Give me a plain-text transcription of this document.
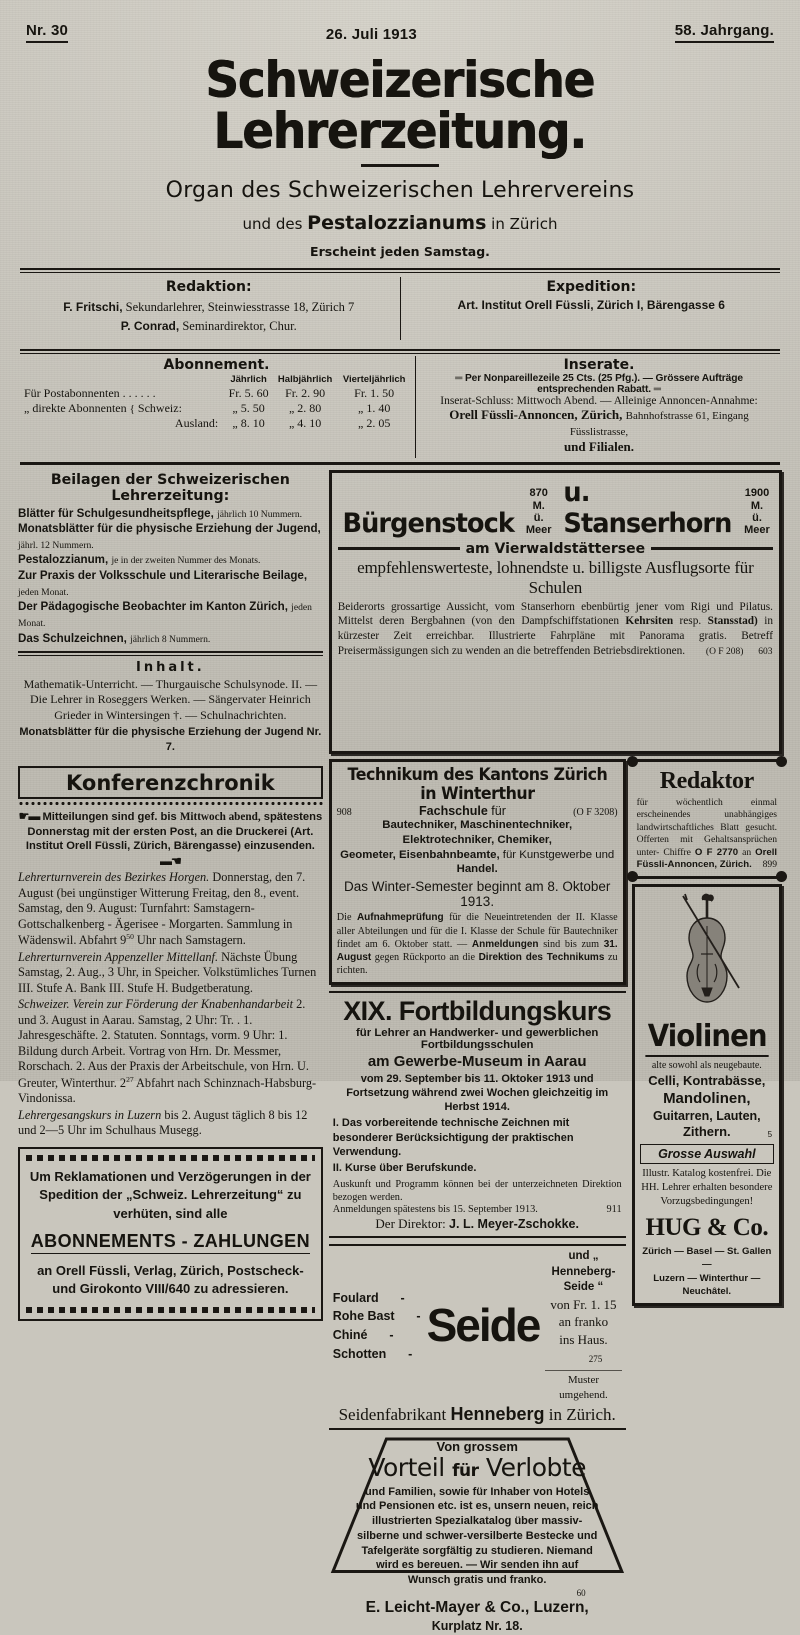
Nr. 30	26. Juli 1913	58. Jahrgang.
Schweizerische Lehrerzeitung.
Organ des Schweizerischen Lehrervereins
und des Pestalozzianums in Zürich
Erscheint jeden Samstag.
Redaktion:
F. Fritschi, Sekundarlehrer, Steinwiesstrasse 18, Zürich 7
P. Conrad, Seminardirektor, Chur.
Expedition:
Art. Institut Orell Füssli, Zürich I, Bärengasse 6
Abonnement.
	Jährlich	Halbjährlich	Vierteljährlich
Für Postabonnenten . . . . . .	Fr. 5. 60	Fr. 2. 90	Fr. 1. 50
„ direkte Abonnenten { Schweiz:	„ 5. 50	„ 2. 80	„ 1. 40
Ausland:	„ 8. 10	„ 4. 10	„ 2. 05
Inserate.
═ Per Nonpareillezeile 25 Cts. (25 Pfg.). — Grössere Aufträge entsprechenden Rabatt. ═
Inserat-Schluss: Mittwoch Abend. — Alleinige Annoncen-Annahme:
Orell Füssli-Annoncen, Zürich, Bahnhofstrasse 61, Eingang Füsslistrasse,
und Filialen.
Beilagen der Schweizerischen Lehrerzeitung:

Blätter für Schulgesundheitspflege, jährlich 10 Nummern.

Monatsblätter für die physische Erziehung der Jugend, jährl. 12 Nummern.

Pestalozzianum, je in der zweiten Nummer des Monats.

Zur Praxis der Volksschule und Literarische Beilage, jeden Monat.

Der Pädagogische Beobachter im Kanton Zürich, jeden Monat.

Das Schulzeichnen, jährlich 8 Nummern.

Inhalt.

Mathematik-Unterricht. — Thurgauische Schulsynode. II. — Die Lehrer in Roseggers Werken. — Sängervater Heinrich Grieder in Wintersingen †. — Schulnachrichten.

Monatsblätter für die physische Erziehung der Jugend Nr. 7.

Bürgenstock
870 M.
ü. Meer
u. Stanserhorn
1900 M.
ü. Meer
am Vierwaldstättersee
empfehlenswerteste, lohnendste u. billigste Ausflugsorte für Schulen
Beiderorts grossartige Aussicht, vom Stanserhorn ebenbürtig jener vom Rigi und Pilatus. Mittelst deren Bergbahnen (von den Dampfschiffstationen Kehrsiten resp. Stansstad) in kürzester Zeit erreichbar. Illustrierte Fahrpläne mit Panorama gratis. Betreff Preisermässigungen sich zu wenden an die betreffenden Betriebsdirektionen. (O F 208) 603
Konferenzchronik
☛▬ Mitteilungen sind gef. bis Mittwoch abend, spätestens Donnerstag mit der ersten Post, an die Druckerei (Art. Institut Orell Füssli, Zürich, Bärengasse) einzusenden. ▬☚
Lehrerturnverein des Bezirkes Horgen. Donnerstag, den 7. August (bei ungünstiger Witterung Freitag, den 8., event. Samstag, den 9. August: Turnfahrt: Samstagern-Gottschalkenberg - Ägerisee - Morgarten. Sammlung in Wädenswil. Abfahrt $9^{50}$ Uhr nach Samstagern.
Lehrerturnverein Appenzeller Mittellanf. Nächste Übung Samstag, 2. Aug., 3 Uhr, in Speicher. Volkstümliches Turnen III. Stufe A. Bank III. Stufe H. Budgetberatung.
Schweizer. Verein zur Förderung der Knabenhandarbeit 2. und 3. August in Aarau. Samstag, 2 Uhr: Tr. . 1. Jahresgeschäfte. 2. Statuten. Sonntags, vorm. 9 Uhr: 1. Bildung durch Arbeit. Vortrag von Hrn. Dr. Messmer, Rorschach. 2. Aus der Praxis der Arbeitschule, von Hrn. U. Greuter, Winterthur. $2^{27}$ Abfahrt nach Schinznach-Habsburg-Vindonissa.
Lehrergesangskurs in Luzern bis 2. August täglich 8 bis 12 und 2—5 Uhr im Schulhaus Musegg.
Um Reklamationen und Verzögerungen in der Spedition der „Schweiz. Lehrerzeitung“ zu verhüten, sind alle
ABONNEMENTS - ZAHLUNGEN
an Orell Füssli, Verlag, Zürich, Postscheck- und Girokonto VIII/640 zu adressieren.
Technikum des Kantons Zürich in Winterthur
908	Fachschule für	(O F 3208)
Bautechniker, Maschinentechniker, Elektrotechniker, Chemiker,
Geometer, Eisenbahnbeamte, für Kunstgewerbe und Handel.
Das Winter-Semester beginnt am 8. Oktober 1913.
Die Aufnahmeprüfung für die Neueintretenden der II. Klasse aller Abteilungen und für die I. Klasse der Schule für Bautechniker findet am 6. Oktober statt. — Anmeldungen sind bis zum 31. August gegen Rückporto an die Direktion des Technikums zu richten.
XIX. Fortbildungskurs
für Lehrer an Handwerker- und gewerblichen Fortbildungsschulen
am Gewerbe-Museum in Aarau
vom 29. September bis 11. Oktoker 1913 und Fortsetzung während zwei Wochen gleichzeitig im Herbst 1914.
I. Das vorbereitende technische Zeichnen mit besonderer Berücksichtigung der praktischen Verwendung.
II. Kurse über Berufskunde.
Auskunft und Programm können bei der unterzeichneten Direktion bezogen werden.
Anmeldungen spätestens bis 15. September 1913.	911
Der Direktor: J. L. Meyer-Zschokke.
Foulard -
Rohe Bast -
Chiné -
Schotten -
Seide
und „ Henneberg-Seide “
von Fr. 1. 15 an franko
ins Haus. 275
Muster umgehend.
Seidenfabrikant Henneberg in Zürich.
Von grossem
Vorteil für Verlobte
und Familien, sowie für Inhaber von Hotels und Pensionen etc. ist es, unsern neuen, reich illustrierten Spezialkatalog über massiv-silberne und schwer-versilberte Bestecke und Tafelgeräte sorgfältig zu studieren. Niemand wird es bereuen. — Wir senden ihn auf Wunsch gratis und franko.
60
E. Leicht-Mayer & Co., Luzern, Kurplatz Nr. 18.
Redaktor

für wöchentlich einmal erscheinendes unabhängiges landwirtschaftliches Blatt gesucht. Offerten mit Gehaltsansprüchen unter- Chiffre O F 2770 an Orell Füssli-Annoncen, Zürich. 899

Violinen
alte sowohl als neugebaute.
Celli, Kontrabässe,
Mandolinen,
Guitarren, Lauten,
Zithern.	5
Grosse Auswahl
Illustr. Katalog kostenfrei. Die HH. Lehrer erhalten besondere Vorzugsbedingungen!
HUG & Co.
Zürich — Basel — St. Gallen —
Luzern — Winterthur — Neuchâtel.
